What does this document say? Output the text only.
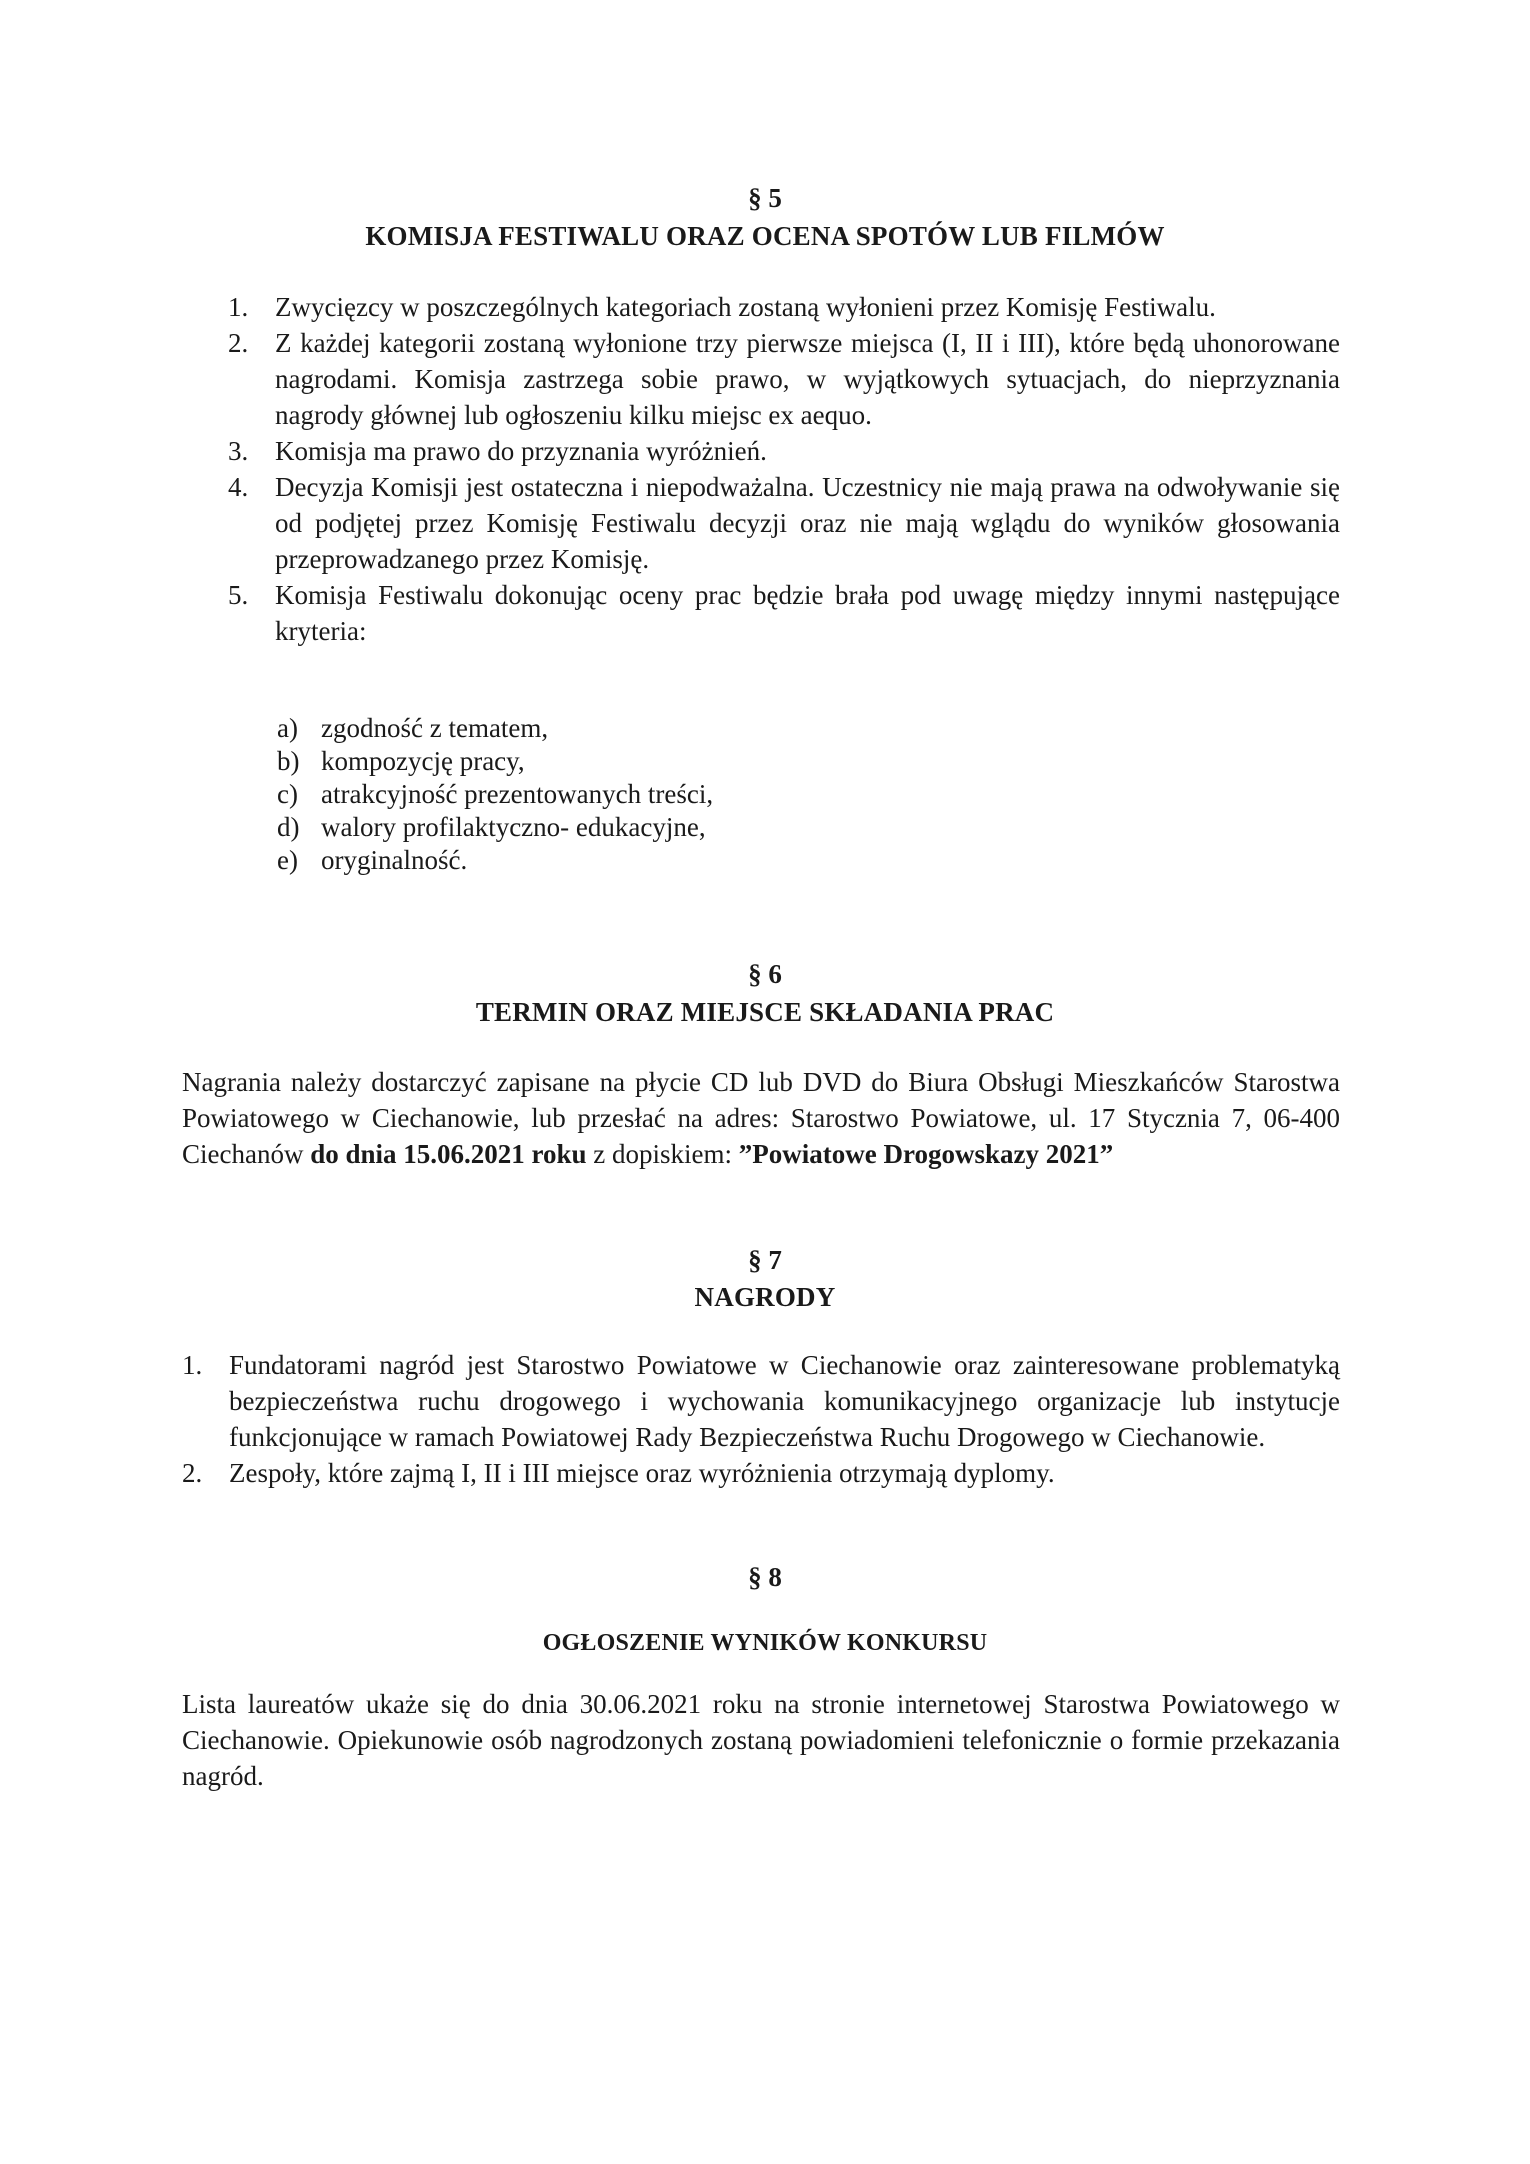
§ 5
KOMISJA FESTIWALU ORAZ OCENA SPOTÓW LUB FILMÓW
1. Zwycięzcy w poszczególnych kategoriach zostaną wyłonieni przez Komisję Festiwalu.
2. Z każdej kategorii zostaną wyłonione trzy pierwsze miejsca (I, II i III), które będą uhonorowane nagrodami. Komisja zastrzega sobie prawo, w wyjątkowych sytuacjach, do nieprzyznania nagrody głównej lub ogłoszeniu kilku miejsc ex aequo.
3. Komisja ma prawo do przyznania wyróżnień.
4. Decyzja Komisji jest ostateczna i niepodważalna. Uczestnicy nie mają prawa na odwoływanie się od podjętej przez Komisję Festiwalu decyzji oraz nie mają wglądu do wyników głosowania przeprowadzanego przez Komisję.
5. Komisja Festiwalu dokonując oceny prac będzie brała pod uwagę między innymi następujące kryteria:
a) zgodność z tematem,
b) kompozycję pracy,
c) atrakcyjność prezentowanych treści,
d) walory profilaktyczno- edukacyjne,
e) oryginalność.
§ 6
TERMIN ORAZ MIEJSCE SKŁADANIA PRAC
Nagrania należy dostarczyć zapisane na płycie CD lub DVD do Biura Obsługi Mieszkańców Starostwa Powiatowego w Ciechanowie, lub przesłać na adres: Starostwo Powiatowe, ul. 17 Stycznia 7, 06-400 Ciechanów do dnia 15.06.2021 roku z dopiskiem: ”Powiatowe Drogowskazy 2021”
§ 7
NAGRODY
1. Fundatorami nagród jest Starostwo Powiatowe w Ciechanowie oraz zainteresowane problematyką bezpieczeństwa ruchu drogowego i wychowania komunikacyjnego organizacje lub instytucje funkcjonujące w ramach Powiatowej Rady Bezpieczeństwa Ruchu Drogowego w Ciechanowie.
2. Zespoły, które zajmą I, II i III miejsce oraz wyróżnienia otrzymają dyplomy.
§ 8
OGŁOSZENIE WYNIKÓW KONKURSU
Lista laureatów ukaże się do dnia 30.06.2021 roku na stronie internetowej Starostwa Powiatowego w Ciechanowie. Opiekunowie osób nagrodzonych zostaną powiadomieni telefonicznie o formie przekazania nagród.
